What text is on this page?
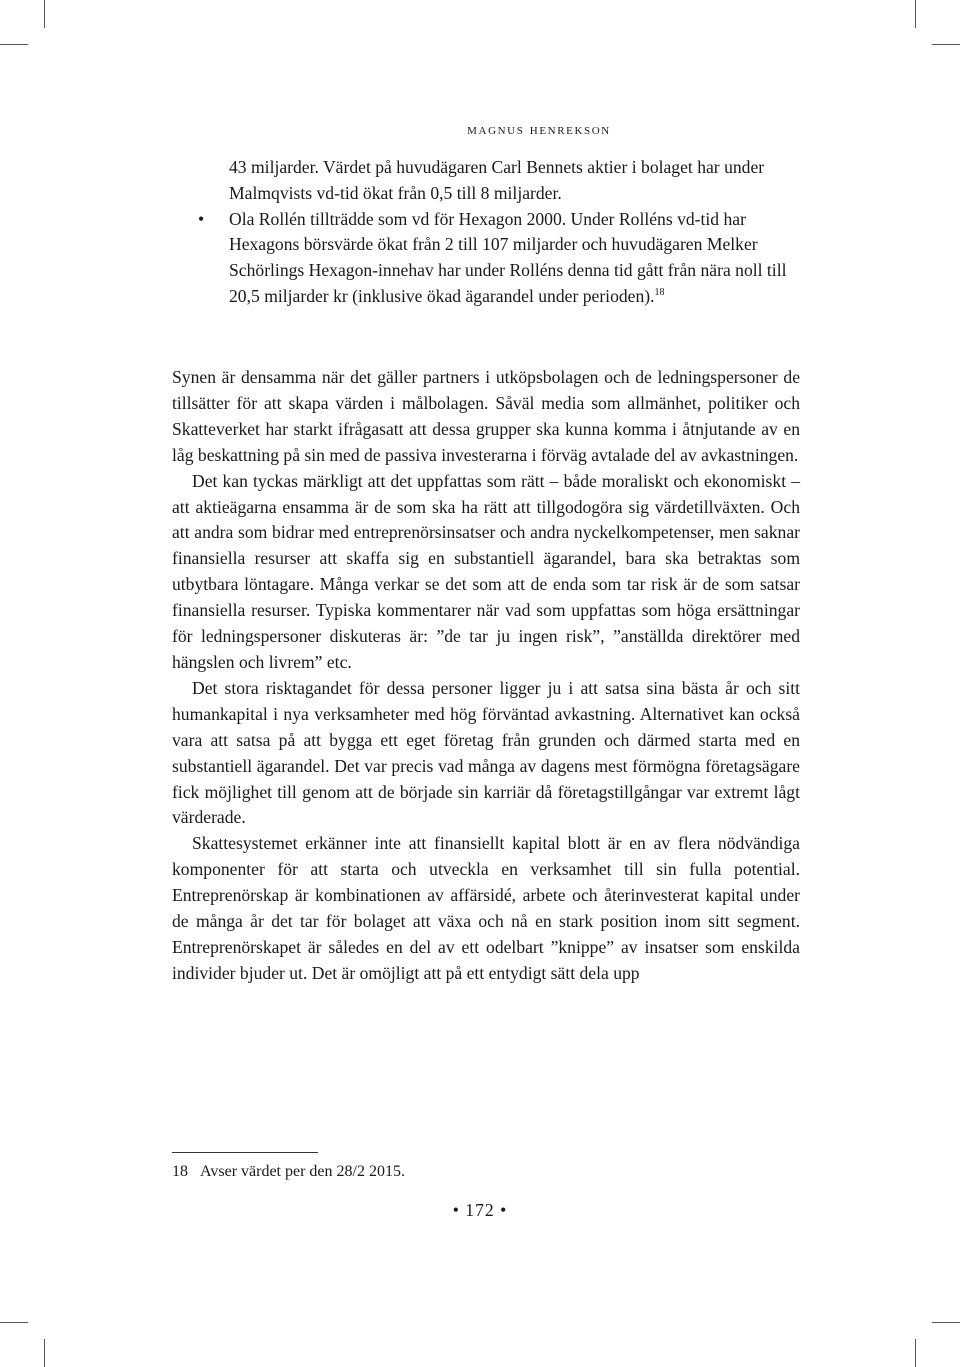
magnus henrekson
43 miljarder. Värdet på huvudägaren Carl Bennets aktier i bolaget har under Malmqvists vd-tid ökat från 0,5 till 8 miljarder.
• Ola Rollén tillträdde som vd för Hexagon 2000. Under Rolléns vd-tid har Hexagons börsvärde ökat från 2 till 107 miljarder och huvudägaren Melker Schörlings Hexagon-innehav har under Rolléns denna tid gått från nära noll till 20,5 miljarder kr (inklusive ökad ägarandel under perioden).$^{18}$

Synen är densamma när det gäller partners i utköpsbolagen och de ledningspersoner de tillsätter för att skapa värden i målbolagen. Såväl media som allmänhet, politiker och Skatteverket har starkt ifrågasatt att dessa grupper ska kunna komma i åtnjutande av en låg beskattning på sin med de passiva investerarna i förväg avtalade del av avkastningen.

Det kan tyckas märkligt att det uppfattas som rätt – både moraliskt och ekonomiskt – att aktieägarna ensamma är de som ska ha rätt att tillgodogöra sig värdetillväxten. Och att andra som bidrar med entreprenörsinsatser och andra nyckelkompetenser, men saknar finansiella resurser att skaffa sig en substantiell ägarandel, bara ska betraktas som utbytbara löntagare. Många verkar se det som att de enda som tar risk är de som satsar finansiella resurser. Typiska kommentarer när vad som uppfattas som höga ersättningar för ledningspersoner diskuteras är: ”de tar ju ingen risk”, ”anställda direktörer med hängslen och livrem” etc.

Det stora risktagandet för dessa personer ligger ju i att satsa sina bästa år och sitt humankapital i nya verksamheter med hög förväntad avkastning. Alternativet kan också vara att satsa på att bygga ett eget företag från grunden och därmed starta med en substantiell ägarandel. Det var precis vad många av dagens mest förmögna företagsägare fick möjlighet till genom att de började sin karriär då företagstillgångar var extremt lågt värderade.

Skattesystemet erkänner inte att finansiellt kapital blott är en av flera nödvändiga komponenter för att starta och utveckla en verksamhet till sin fulla potential. Entreprenörskap är kombinationen av affärsidé, arbete och återinvesterat kapital under de många år det tar för bolaget att växa och nå en stark position inom sitt segment. Entreprenörskapet är således en del av ett odelbart ”knippe” av insatser som enskilda individer bjuder ut. Det är omöjligt att på ett entydigt sätt dela upp

18 Avser värdet per den 28/2 2015.
• 172 •
